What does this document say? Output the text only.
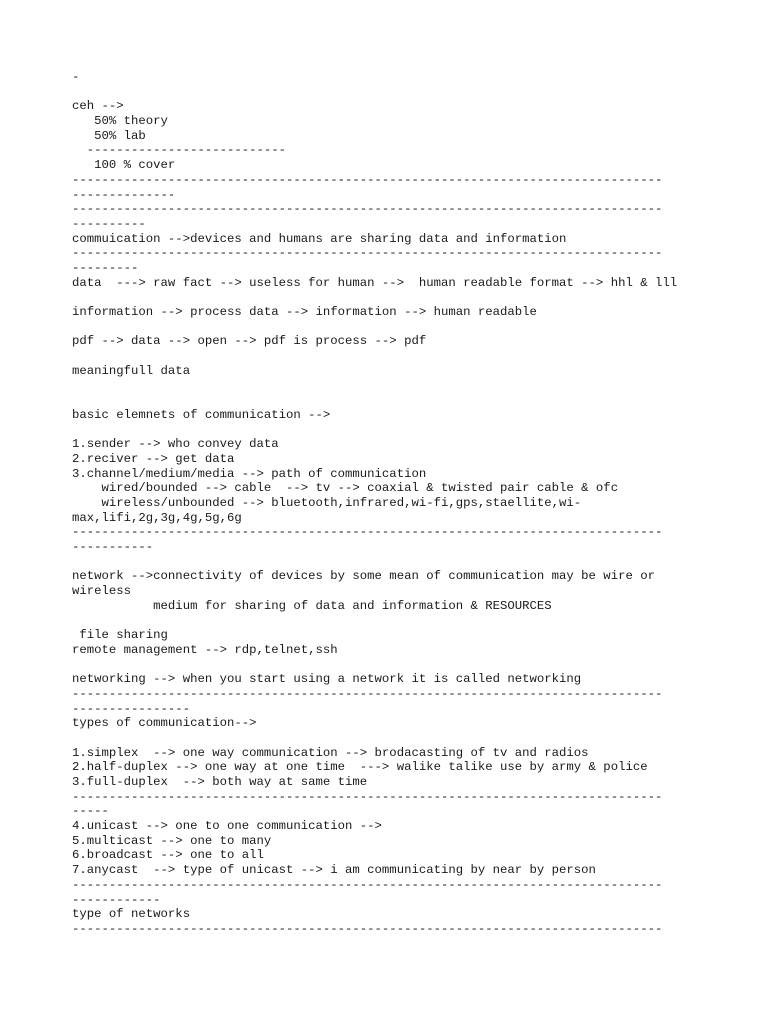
-
ceh -->
50% theory
50% lab
---------------------------
100 % cover
--------------------------------------------------------------------------------
--------------
--------------------------------------------------------------------------------
----------
commuication -->devices and humans are sharing data and information
--------------------------------------------------------------------------------
---------
data  ---> raw fact --> useless for human -->  human readable format --> hhl & lll
information --> process data --> information --> human readable
pdf --> data --> open --> pdf is process --> pdf
meaningfull data
basic elemnets of communication -->
1.sender --> who convey data
2.reciver --> get data
3.channel/medium/media --> path of communication
wired/bounded --> cable  --> tv --> coaxial & twisted pair cable & ofc
wireless/unbounded --> bluetooth,infrared,wi-fi,gps,staellite,wi-
max,lifi,2g,3g,4g,5g,6g
--------------------------------------------------------------------------------
-----------
network -->connectivity of devices by some mean of communication may be wire or
wireless
medium for sharing of data and information & RESOURCES
file sharing
remote management --> rdp,telnet,ssh
networking --> when you start using a network it is called networking
--------------------------------------------------------------------------------
----------------
types of communication-->
1.simplex  --> one way communication --> brodacasting of tv and radios
2.half-duplex --> one way at one time  ---> walike talike use by army & police
3.full-duplex  --> both way at same time
--------------------------------------------------------------------------------
-----
4.unicast --> one to one communication -->
5.multicast --> one to many
6.broadcast --> one to all
7.anycast  --> type of unicast --> i am communicating by near by person
--------------------------------------------------------------------------------
------------
type of networks
--------------------------------------------------------------------------------
